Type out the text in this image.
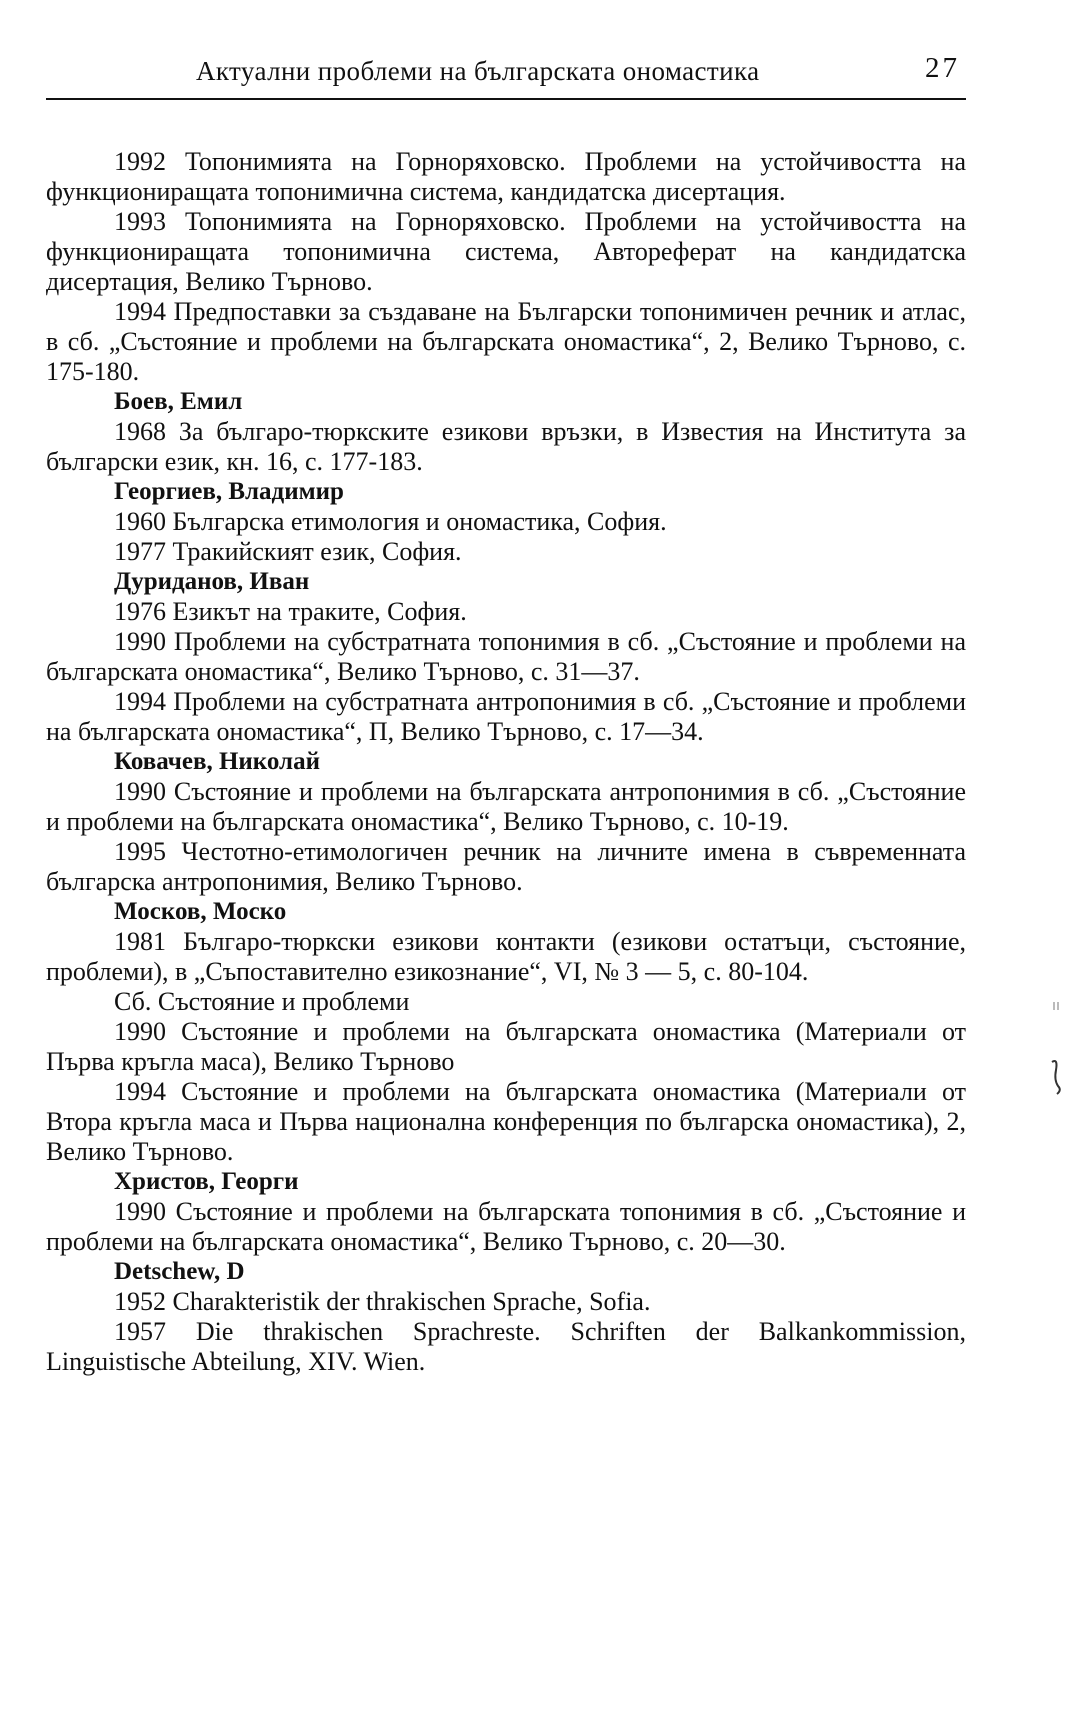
Актуални проблеми на българската ономастика	27
1992 Топонимията на Горноряховско. Проблеми на устойчивостта на функциониращата топонимична система, кандидатска дисертация.
1993 Топонимията на Горноряховско. Проблеми на устойчивостта на функциониращата топонимична система, Автореферат на кандидатска дисертация, Велико Търново.
1994 Предпоставки за създаване на Български топонимичен речник и атлас, в сб. „Състояние и проблеми на българската ономастика“, 2, Велико Търново, с. 175-180.
Боев, Емил
1968 За българо-тюркските езикови връзки, в Известия на Института за български език, кн. 16, с. 177-183.
Георгиев, Владимир
1960 Българска етимология и ономастика, София.
1977 Тракийският език, София.
Дуриданов, Иван
1976 Езикът на траките, София.
1990 Проблеми на субстратната топонимия в сб. „Състояние и проблеми на българската ономастика“, Велико Търново, с. 31—37.
1994 Проблеми на субстратната антропонимия в сб. „Състояние и проблеми на българската ономастика“, П, Велико Търново, с. 17—34.
Ковачев, Николай
1990 Състояние и проблеми на българската антропонимия в сб. „Състояние и проблеми на българската ономастика“, Велико Търново, с. 10-19.
1995 Честотно-етимологичен речник на личните имена в съвременната българска антропонимия, Велико Търново.
Москов, Моско
1981 Българо-тюркски езикови контакти (езикови остатъци, състояние, проблеми), в „Съпоставително езикознание“, VI, № 3 — 5, с. 80-104.
Сб. Състояние и проблеми
1990 Състояние и проблеми на българската ономастика (Материали от Първа кръгла маса), Велико Търново
1994 Състояние и проблеми на българската ономастика (Материали от Втора кръгла маса и Първа национална конференция по българска ономастика), 2, Велико Търново.
Христов, Георги
1990 Състояние и проблеми на българската топонимия в сб. „Състояние и проблеми на българската ономастика“, Велико Търново, с. 20—30.
Detschew, D
1952 Charakteristik der thrakischen Sprache, Sofia.
1957 Die thrakischen Sprachreste. Schriften der Balkankommission, Linguistische Abteilung, XIV. Wien.
